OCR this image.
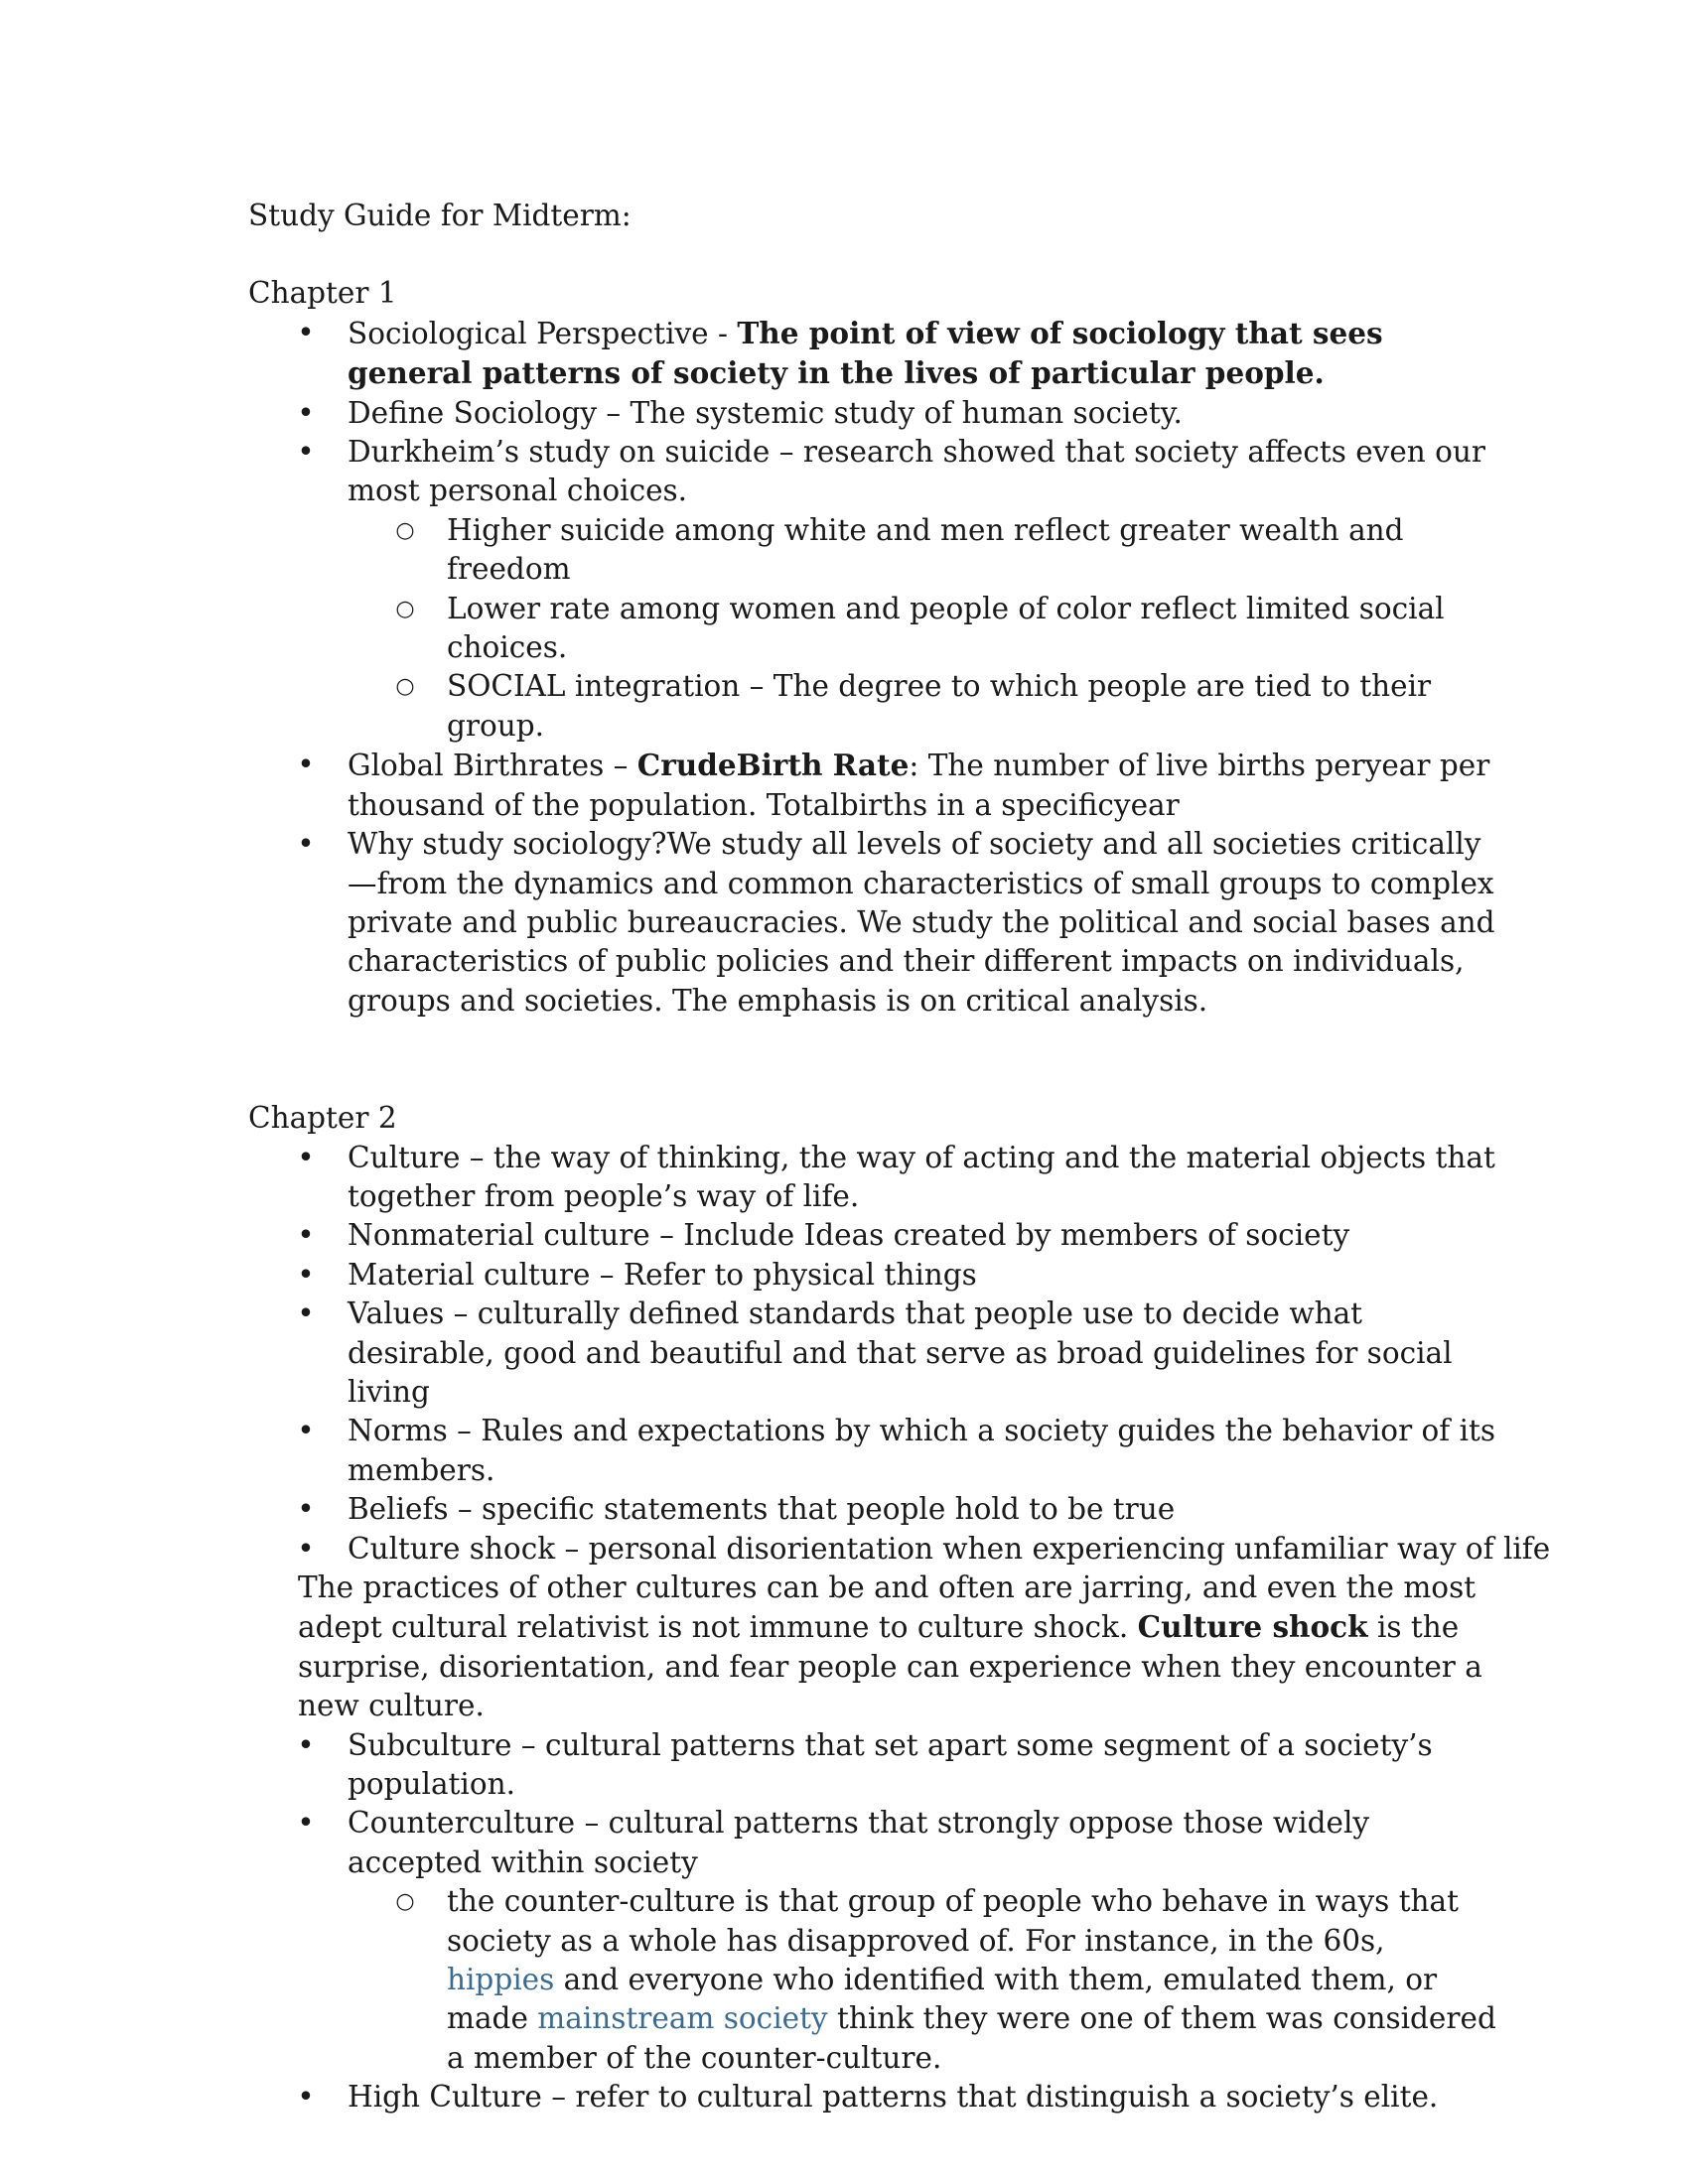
Study Guide for Midterm:

Chapter 1

• Sociological Perspective - The point of view of sociology that sees general patterns of society in the lives of particular people.
• Define Sociology – The systemic study of human society.
• Durkheim’s study on suicide – research showed that society affects even our most personal choices.
○ Higher suicide among white and men reflect greater wealth and freedom
○ Lower rate among women and people of color reflect limited social choices.
○ SOCIAL integration – The degree to which people are tied to their group.
• Global Birthrates – CrudeBirth Rate: The number of live births peryear per thousand of the population. Totalbirths in a specificyear
• Why study sociology?We study all levels of society and all societies critically—from the dynamics and common characteristics of small groups to complex private and public bureaucracies. We study the political and social bases and characteristics of public policies and their different impacts on individuals, groups and societies. The emphasis is on critical analysis.

Chapter 2

• Culture – the way of thinking, the way of acting and the material objects that together from people’s way of life.
• Nonmaterial culture – Include Ideas created by members of society
• Material culture – Refer to physical things
• Values – culturally defined standards that people use to decide what desirable, good and beautiful and that serve as broad guidelines for social living
• Norms – Rules and expectations by which a society guides the behavior of its members.
• Beliefs – specific statements that people hold to be true
• Culture shock – personal disorientation when experiencing unfamiliar way of life

The practices of other cultures can be and often are jarring, and even the most adept cultural relativist is not immune to culture shock. Culture shock is the surprise, disorientation, and fear people can experience when they encounter a new culture.

• Subculture – cultural patterns that set apart some segment of a society’s population.
• Counterculture – cultural patterns that strongly oppose those widely accepted within society
○ the counter-culture is that group of people who behave in ways that society as a whole has disapproved of. For instance, in the 60s, hippies and everyone who identified with them, emulated them, or made mainstream society think they were one of them was considered a member of the counter-culture.
• High Culture – refer to cultural patterns that distinguish a society’s elite.
